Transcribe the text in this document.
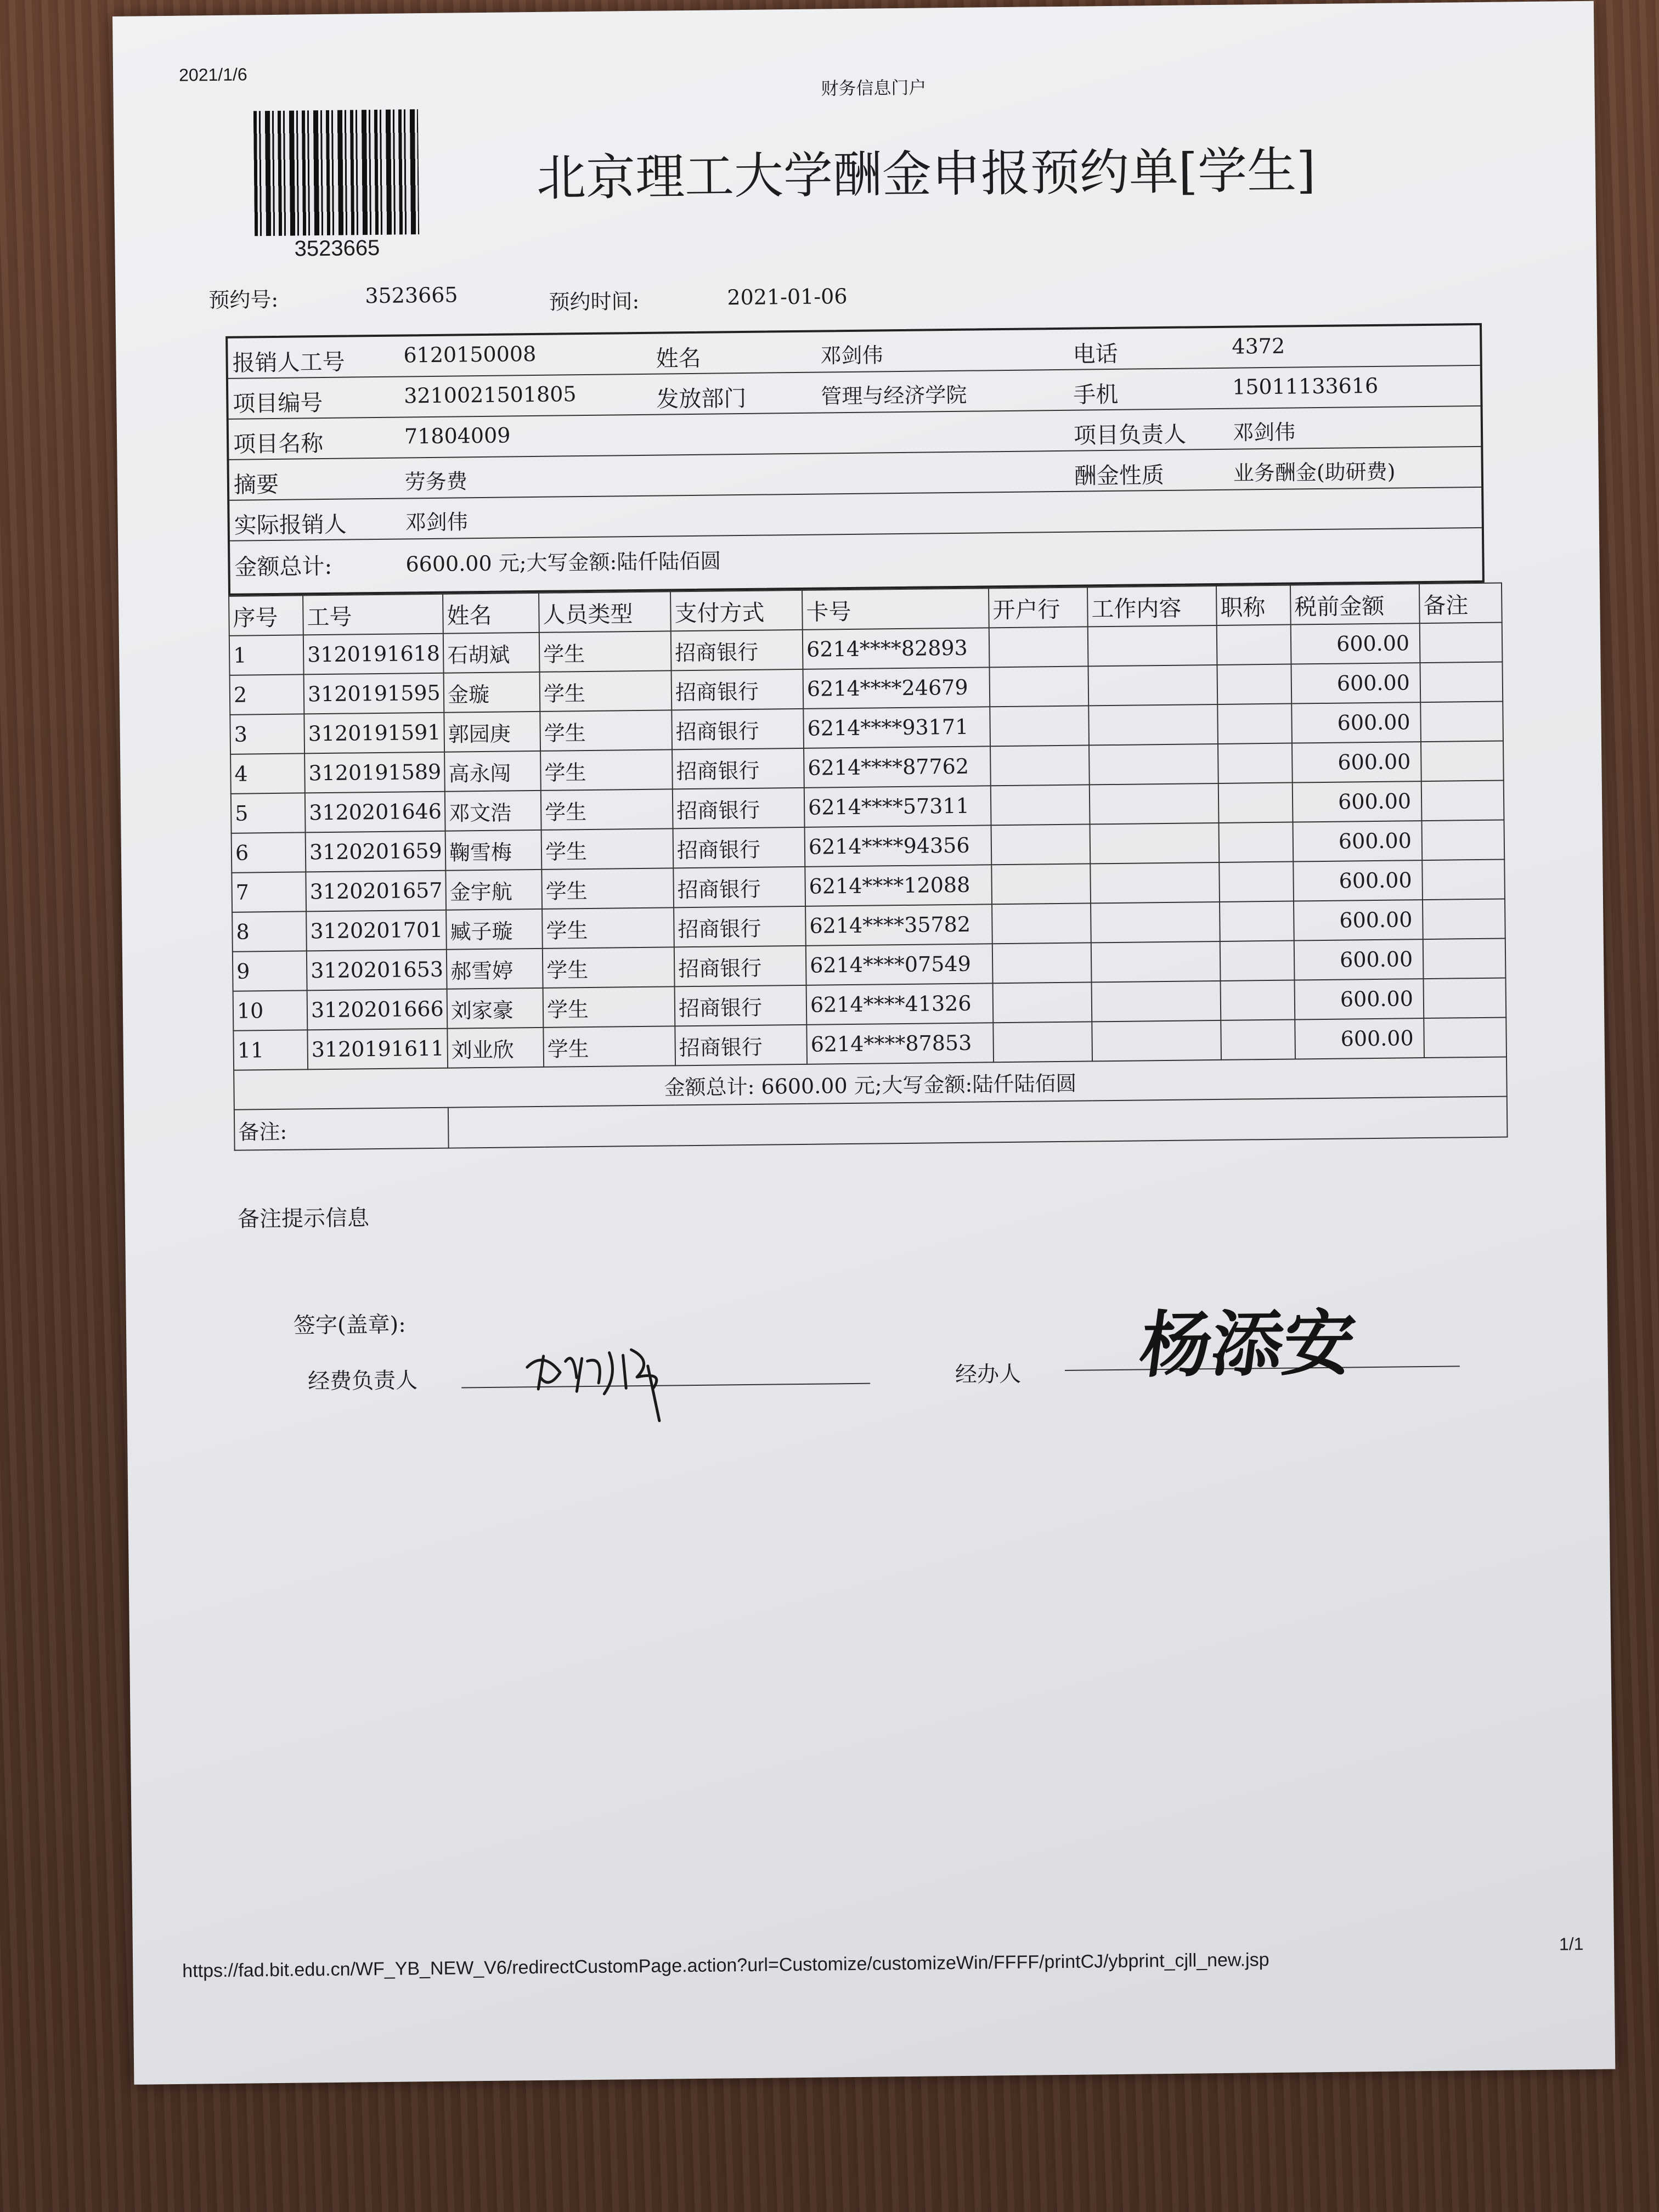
2021/1/6
财务信息门户
3523665
北京理工大学酬金申报预约单[学生]
预约号:	3523665	预约时间:	2021-01-06
报销人工号	6120150008	姓名	邓剑伟	电话	4372
项目编号	3210021501805	发放部门	管理与经济学院	手机	15011133616
项目名称	71804009	项目负责人 邓剑伟
摘要	劳务费	酬金性质	业务酬金(助研费)
实际报销人	邓剑伟
金额总计:	6600.00 元;大写金额:陆仟陆佰圆
序号	工号	姓名	人员类型	支付方式	卡号	开户行	工作内容	职称	税前金额	备注
1	3120191618	石胡斌	学生	招商银行	6214****82893				600.00	
2	3120191595	金璇	学生	招商银行	6214****24679				600.00	
3	3120191591	郭园庚	学生	招商银行	6214****93171				600.00	
4	3120191589	高永闯	学生	招商银行	6214****87762				600.00	
5	3120201646	邓文浩	学生	招商银行	6214****57311				600.00	
6	3120201659	鞠雪梅	学生	招商银行	6214****94356				600.00	
7	3120201657	金宇航	学生	招商银行	6214****12088				600.00	
8	3120201701	臧子璇	学生	招商银行	6214****35782				600.00	
9	3120201653	郝雪婷	学生	招商银行	6214****07549				600.00	
10	3120201666	刘家豪	学生	招商银行	6214****41326				600.00	
11	3120191611	刘业欣	学生	招商银行	6214****87853				600.00	
金额总计: 6600.00 元;大写金额:陆仟陆佰圆										
备注:										
备注提示信息
签字(盖章):
经费负责人	经办人 杨添安
https://fad.bit.edu.cn/WF_YB_NEW_V6/redirectCustomPage.action?url=Customize/customizeWin/FFFF/printCJ/ybprint_cjll_new.jsp
1/1
